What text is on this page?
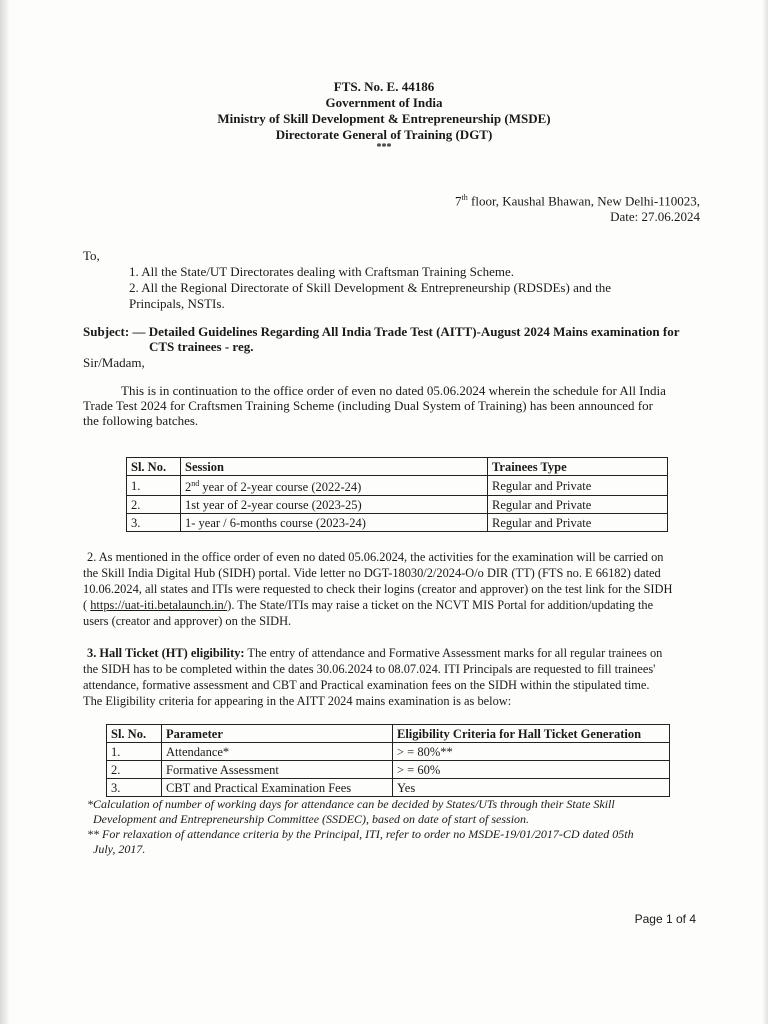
FTS. No. E. 44186
Government of India
Ministry of Skill Development & Entrepreneurship (MSDE)
Directorate General of Training (DGT)
***
7th floor, Kaushal Bhawan, New Delhi-110023,
Date: 27.06.2024
To,
1. All the State/UT Directorates dealing with Craftsman Training Scheme.
2. All the Regional Directorate of Skill Development & Entrepreneurship (RDSDEs) and the
Principals, NSTIs.
Subject: — Detailed Guidelines Regarding All India Trade Test (AITT)-August 2024 Mains examination for
CTS trainees - reg.
Sir/Madam,
This is in continuation to the office order of even no dated 05.06.2024 wherein the schedule for All India
Trade Test 2024 for Craftsmen Training Scheme (including Dual System of Training) has been announced for
the following batches.
Sl. No.	Session	Trainees Type
1.	2nd year of 2-year course (2022-24)	Regular and Private
2.	1st year of 2-year course (2023-25)	Regular and Private
3.	1- year / 6-months course (2023-24)	Regular and Private
2. As mentioned in the office order of even no dated 05.06.2024, the activities for the examination will be carried on
the Skill India Digital Hub (SIDH) portal. Vide letter no DGT-18030/2/2024-O/o DIR (TT) (FTS no. E 66182) dated
10.06.2024, all states and ITIs were requested to check their logins (creator and approver) on the test link for the SIDH
( https://uat-iti.betalaunch.in/). The State/ITIs may raise a ticket on the NCVT MIS Portal for addition/updating the
users (creator and approver) on the SIDH.
3. Hall Ticket (HT) eligibility: The entry of attendance and Formative Assessment marks for all regular trainees on
the SIDH has to be completed within the dates 30.06.2024 to 08.07.024. ITI Principals are requested to fill trainees'
attendance, formative assessment and CBT and Practical examination fees on the SIDH within the stipulated time.
The Eligibility criteria for appearing in the AITT 2024 mains examination is as below:
Sl. No.	Parameter	Eligibility Criteria for Hall Ticket Generation
1.	Attendance*	> = 80%**
2.	Formative Assessment	> = 60%
3.	CBT and Practical Examination Fees	Yes
*Calculation of number of working days for attendance can be decided by States/UTs through their State Skill
Development and Entrepreneurship Committee (SSDEC), based on date of start of session.
** For relaxation of attendance criteria by the Principal, ITI, refer to order no MSDE-19/01/2017-CD dated 05th
July, 2017.
Page 1 of 4
